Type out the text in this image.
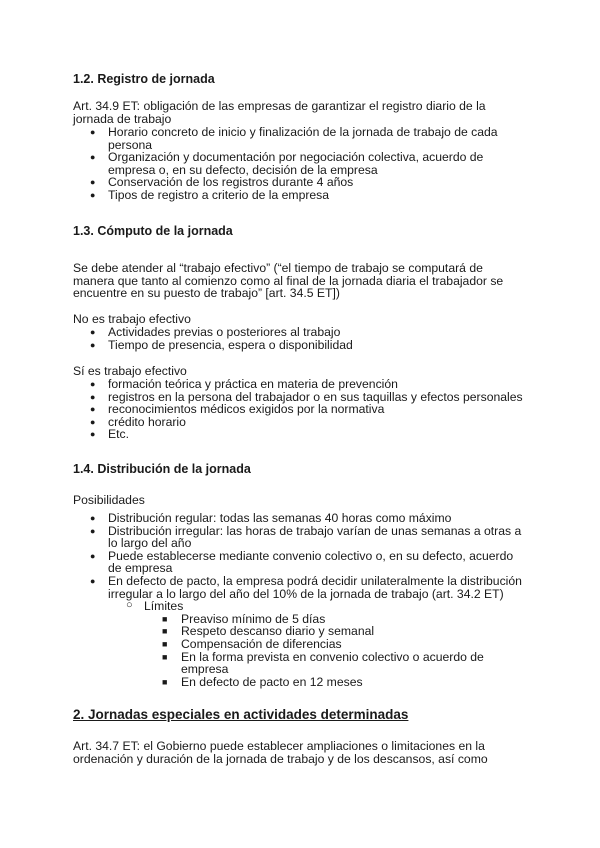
1.2. Registro de jornada

Art. 34.9 ET: obligación de las empresas de garantizar el registro diario de la jornada de trabajo

● Horario concreto de inicio y finalización de la jornada de trabajo de cada persona
● Organización y documentación por negociación colectiva, acuerdo de empresa o, en su defecto, decisión de la empresa
● Conservación de los registros durante 4 años
● Tipos de registro a criterio de la empresa
1.3. Cómputo de la jornada

Se debe atender al “trabajo efectivo” (“el tiempo de trabajo se computará de manera que tanto al comienzo como al final de la jornada diaria el trabajador se encuentre en su puesto de trabajo” [art. 34.5 ET])

No es trabajo efectivo

● Actividades previas o posteriores al trabajo
● Tiempo de presencia, espera o disponibilidad

Sí es trabajo efectivo

● formación teórica y práctica en materia de prevención
● registros en la persona del trabajador o en sus taquillas y efectos personales
● reconocimientos médicos exigidos por la normativa
● crédito horario
● Etc.
1.4. Distribución de la jornada

Posibilidades

● Distribución regular: todas las semanas 40 horas como máximo
● Distribución irregular: las horas de trabajo varían de unas semanas a otras a lo largo del año
● Puede establecerse mediante convenio colectivo o, en su defecto, acuerdo de empresa
● En defecto de pacto, la empresa podrá decidir unilateralmente la distribución irregular a lo largo del año del 10% de la jornada de trabajo (art. 34.2 ET)
○ Límites
■ Preaviso mínimo de 5 días
■ Respeto descanso diario y semanal
■ Compensación de diferencias
■ En la forma prevista en convenio colectivo o acuerdo de empresa
■ En defecto de pacto en 12 meses
2. Jornadas especiales en actividades determinadas

Art. 34.7 ET: el Gobierno puede establecer ampliaciones o limitaciones en la ordenación y duración de la jornada de trabajo y de los descansos, así como
